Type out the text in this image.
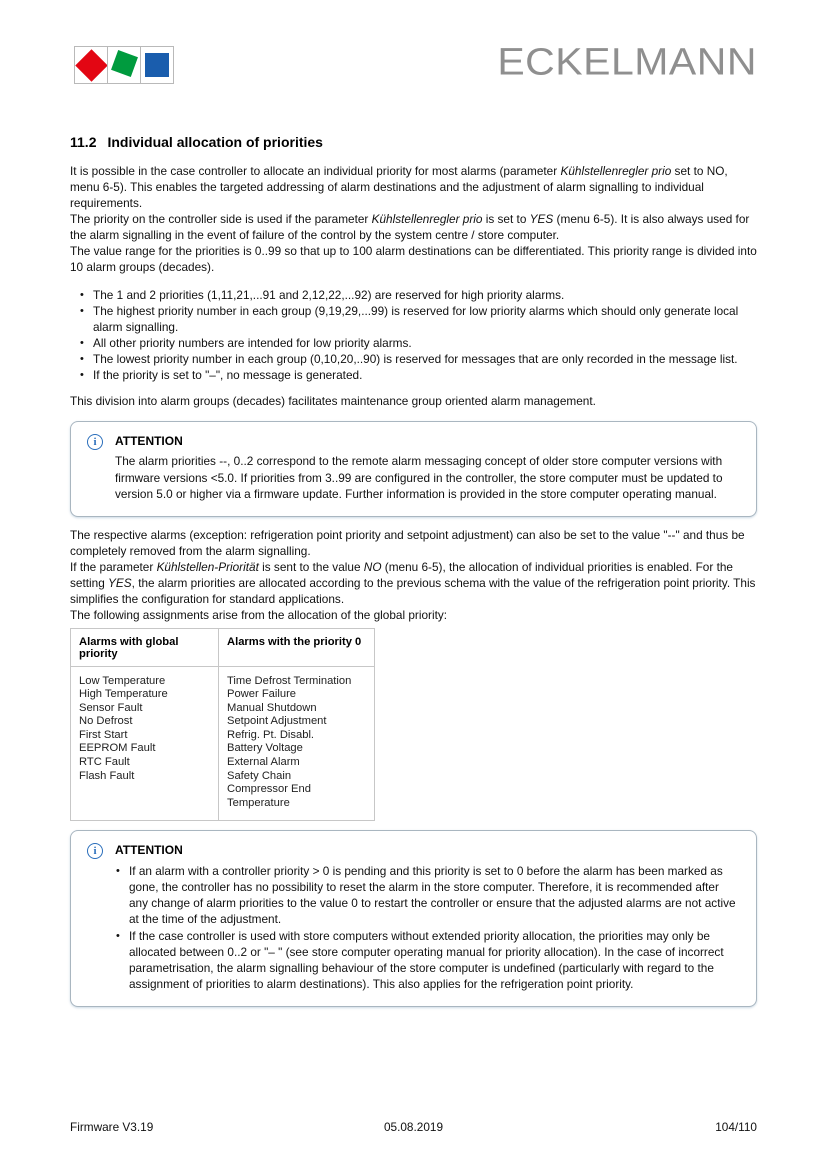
ECKELMANN
11.2 Individual allocation of priorities

It is possible in the case controller to allocate an individual priority for most alarms (parameter Kühlstellenregler prio set to NO, menu 6-5). This enables the targeted addressing of alarm destinations and the adjustment of alarm signalling to individual requirements.

The priority on the controller side is used if the parameter Kühlstellenregler prio is set to YES (menu 6-5). It is also always used for the alarm signalling in the event of failure of the control by the system centre / store computer.

The value range for the priorities is 0..99 so that up to 100 alarm destinations can be differentiated. This priority range is divided into 10 alarm groups (decades).

• The 1 and 2 priorities (1,11,21,...91 and 2,12,22,...92) are reserved for high priority alarms.
• The highest priority number in each group (9,19,29,...99) is reserved for low priority alarms which should only generate local alarm signalling.
• All other priority numbers are intended for low priority alarms.
• The lowest priority number in each group (0,10,20,..90) is reserved for messages that are only recorded in the message list.
• If the priority is set to "–", no message is generated.

This division into alarm groups (decades) facilitates maintenance group oriented alarm management.

i	ATTENTION
The alarm priorities --, 0..2 correspond to the remote alarm messaging concept of older store computer versions with firmware versions <5.0. If priorities from 3..99 are configured in the controller, the store computer must be updated to version 5.0 or higher via a firmware update. Further information is provided in the store computer operating manual.

The respective alarms (exception: refrigeration point priority and setpoint adjustment) can also be set to the value "--" and thus be completely removed from the alarm signalling.

If the parameter Kühlstellen-Priorität is sent to the value NO (menu 6-5), the allocation of individual priorities is enabled. For the setting YES, the alarm priorities are allocated according to the previous schema with the value of the refrigeration point priority. This simplifies the configuration for standard applications.

The following assignments arise from the allocation of the global priority:

Alarms with global priority	Alarms with the priority 0

Low Temperature
High Temperature
Sensor Fault
No Defrost
First Start
EEPROM Fault
RTC Fault
Flash Fault

Time Defrost Termination
Power Failure
Manual Shutdown
Setpoint Adjustment
Refrig. Pt. Disabl.
Battery Voltage
External Alarm
Safety Chain
Compressor End Temperature
i	ATTENTION
• If an alarm with a controller priority > 0 is pending and this priority is set to 0 before the alarm has been marked as gone, the controller has no possibility to reset the alarm in the store computer. Therefore, it is recommended after any change of alarm priorities to the value 0 to restart the controller or ensure that the adjusted alarms are not active at the time of the adjustment.
• If the case controller is used with store computers without extended priority allocation, the priorities may only be allocated between 0..2 or "– " (see store computer operating manual for priority allocation). In the case of incorrect parametrisation, the alarm signalling behaviour of the store computer is undefined (particularly with regard to the assignment of priorities to alarm destinations). This also applies for the refrigeration point priority.
Firmware V3.19	05.08.2019	104/110
